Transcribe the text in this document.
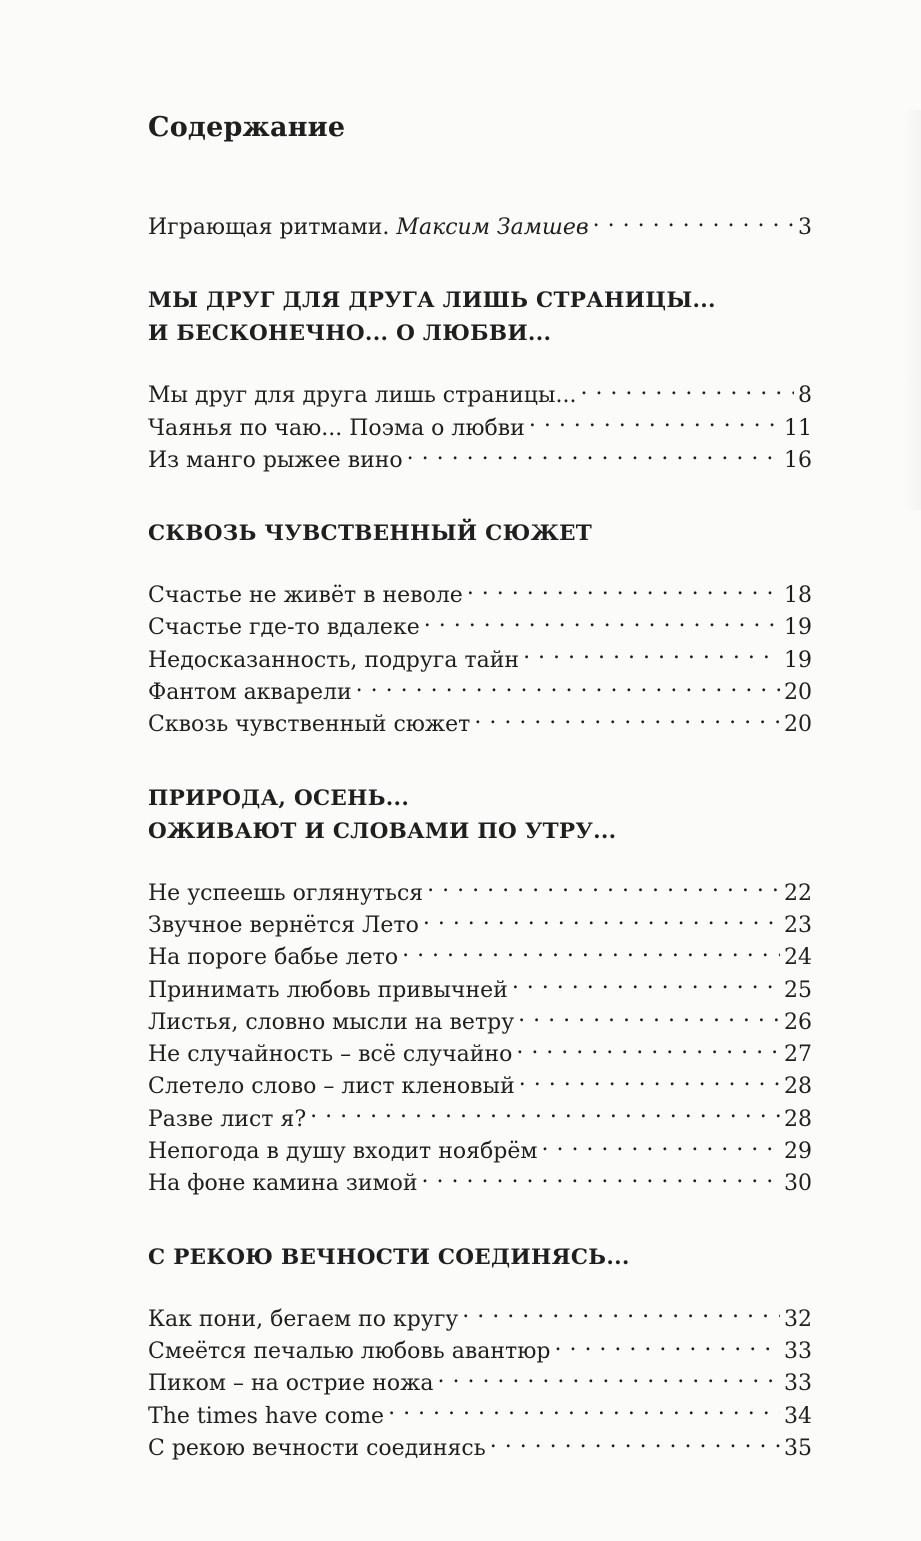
Содержание
Играющая ритмами. Максим Замшев . . .	3
МЫ ДРУГ ДЛЯ ДРУГА ЛИШЬ СТРАНИЦЫ...
И БЕСКОНЕЧНО... О ЛЮБВИ...
Мы друг для друга лишь страницы... . . .	8
Чаянья по чаю... Поэма о любви . . .	11
Из манго рыжее вино . . .	16
СКВОЗЬ ЧУВСТВЕННЫЙ СЮЖЕТ
Счастье не живёт в неволе . . .	18
Счастье где-то вдалеке . . .	19
Недосказанность, подруга тайн . . .	19
Фантом акварели . . .	20
Сквозь чувственный сюжет . . .	20
ПРИРОДА, ОСЕНЬ...
ОЖИВАЮТ И СЛОВАМИ ПО УТРУ...
Не успеешь оглянуться . . .	22
Звучное вернётся Лето . . .	23
На пороге бабье лето . . .	24
Принимать любовь привычней . . .	25
Листья, словно мысли на ветру . . .	26
Не случайность – всё случайно . . .	27
Слетело слово – лист кленовый . . .	28
Разве лист я? . . .	28
Непогода в душу входит ноябрём . . .	29
На фоне камина зимой . . .	30
С РЕКОЮ ВЕЧНОСТИ СОЕДИНЯСЬ...
Как пони, бегаем по кругу . . .	32
Смеётся печалью любовь авантюр . . .	33
Пиком – на острие ножа . . .	33
The times have come . . .	34
С рекою вечности соединясь . . .	35
